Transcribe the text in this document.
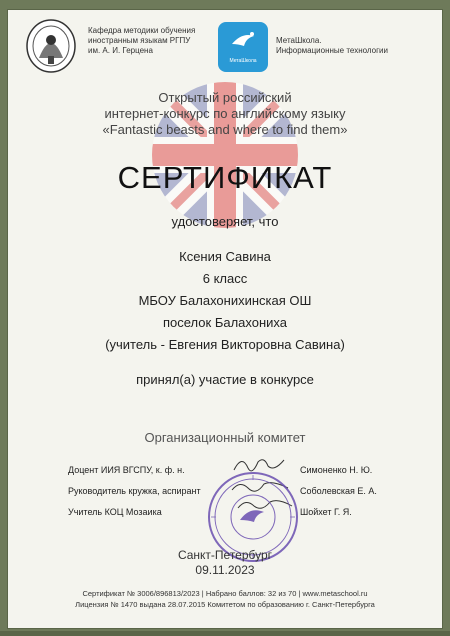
Кафедра методики обучения
иностранным языкам РГПУ
им. А. И. Герцена
МетаШкола
МетаШкола.
Информационные технологии
Открытый российский
интернет-конкурс по английскому языку
«Fantastic beasts and where to find them»
СЕРТИФИКАТ
удостоверяет, что
Ксения Савина
6 класс
МБОУ Балахонихинская ОШ
поселок Балахониха
(учитель - Евгения Викторовна Савина)
принял(а) участие в конкурсе
Организационный комитет
Доцент ИИЯ ВГСПУ, к. ф. н.
Руководитель кружка, аспирант
Учитель КОЦ Мозаика
Симоненко Н. Ю.
Соболевская Е. А.
Шойхет Г. Я.
Санкт-Петербург
09.11.2023
Сертификат № 3006/896813/2023 | Набрано баллов: 32 из 70 | www.metaschool.ru
Лицензия № 1470 выдана 28.07.2015 Комитетом по образованию г. Санкт-Петербурга
